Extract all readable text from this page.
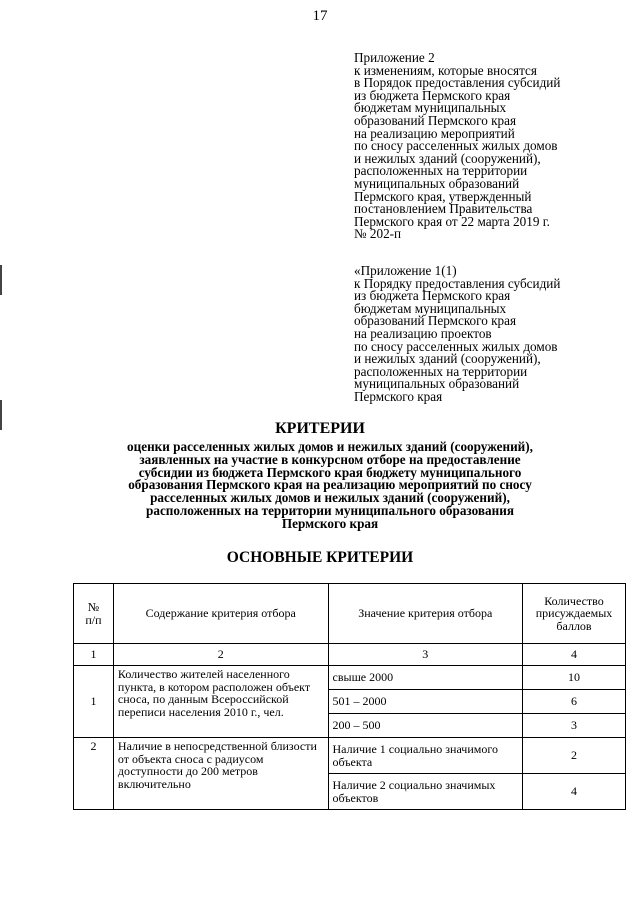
17
Приложение 2
к изменениям, которые вносятся
в Порядок предоставления субсидий
из бюджета Пермского края
бюджетам муниципальных
образований Пермского края
на реализацию мероприятий
по сносу расселенных жилых домов
и нежилых зданий (сооружений),
расположенных на территории
муниципальных образований
Пермского края, утвержденный
постановлением Правительства
Пермского края от 22 марта 2019 г.
№ 202-п
«Приложение 1(1)
к Порядку предоставления субсидий
из бюджета Пермского края
бюджетам муниципальных
образований Пермского края
на реализацию проектов
по сносу расселенных жилых домов
и нежилых зданий (сооружений),
расположенных на территории
муниципальных образований
Пермского края
КРИТЕРИИ
оценки расселенных жилых домов и нежилых зданий (сооружений),
заявленных на участие в конкурсном отборе на предоставление
субсидии из бюджета Пермского края бюджету муниципального
образования Пермского края на реализацию мероприятий по сносу
расселенных жилых домов и нежилых зданий (сооружений),
расположенных на территории муниципального образования
Пермского края
ОСНОВНЫЕ КРИТЕРИИ
№
п/п	Содержание критерия отбора	Значение критерия отбора	Количество присуждаемых баллов
1	2	3	4
1	Количество жителей населенного пункта, в котором расположен объект сноса, по данным Всероссийской переписи населения 2010 г., чел.	свыше 2000	10
		501 – 2000	6
		200 – 500	3
2	Наличие в непосредственной близости от объекта сноса с радиусом доступности до 200 метров включительно	Наличие 1 социально значимого объекта	2
		Наличие 2 социально значимых объектов	4
